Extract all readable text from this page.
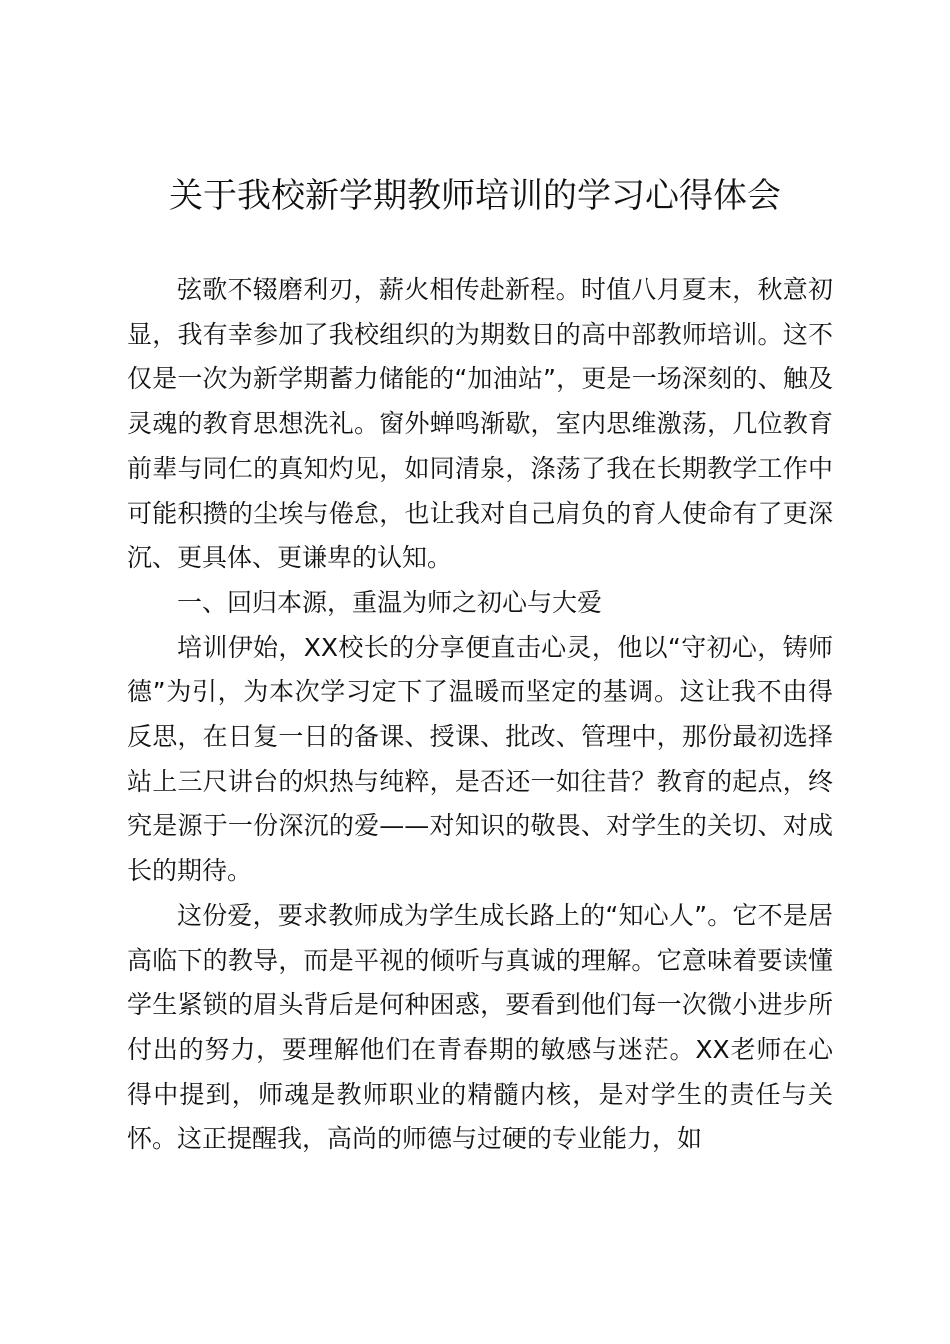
关于我校新学期教师培训的学习心得体会

弦歌不辍磨利刃，薪火相传赴新程。时值八月夏末，秋意初显，我有幸参加了我校组织的为期数日的高中部教师培训。这不仅是一次为新学期蓄力储能的“加油站”，更是一场深刻的、触及灵魂的教育思想洗礼。窗外蝉鸣渐歇，室内思维激荡，几位教育前辈与同仁的真知灼见，如同清泉，涤荡了我在长期教学工作中可能积攒的尘埃与倦怠，也让我对自己肩负的育人使命有了更深沉、更具体、更谦卑的认知。

一、回归本源，重温为师之初心与大爱

培训伊始，XX校长的分享便直击心灵，他以“守初心，铸师德”为引，为本次学习定下了温暖而坚定的基调。这让我不由得反思，在日复一日的备课、授课、批改、管理中，那份最初选择站上三尺讲台的炽热与纯粹，是否还一如往昔？教育的起点，终究是源于一份深沉的爱——对知识的敬畏、对学生的关切、对成长的期待。

这份爱，要求教师成为学生成长路上的“知心人”。它不是居高临下的教导，而是平视的倾听与真诚的理解。它意味着要读懂学生紧锁的眉头背后是何种困惑，要看到他们每一次微小进步所付出的努力，要理解他们在青春期的敏感与迷茫。XX老师在心得中提到，师魂是教师职业的精髓内核，是对学生的责任与关怀。这正提醒我，高尚的师德与过硬的专业能力，如
